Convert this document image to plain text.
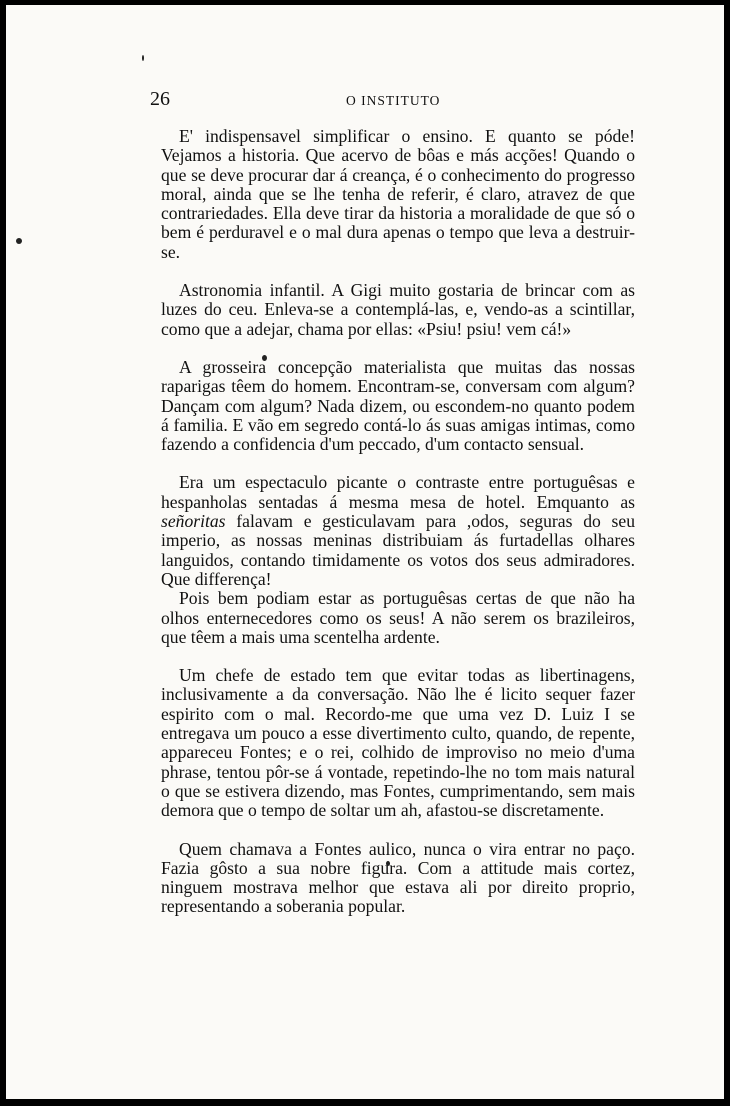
26	O INSTITUTO

E' indispensavel simplificar o ensino. E quanto se póde! Vejamos a historia. Que acervo de bôas e más acções! Quando o que se deve procurar dar á creança, é o conhecimento do progresso moral, ainda que se lhe tenha de referir, é claro, atravez de que contrariedades. Ella deve tirar da historia a moralidade de que só o bem é perduravel e o mal dura apenas o tempo que leva a destruir-se.

Astronomia infantil. A Gigi muito gostaria de brincar com as luzes do ceu. Enleva-se a contemplá-las, e, vendo-as a scintillar, como que a adejar, chama por ellas: «Psiu! psiu! vem cá!»

A grosseira concepção materialista que muitas das nossas raparigas têem do homem. Encontram-se, conversam com algum? Dançam com algum? Nada dizem, ou escondem-no quanto podem á familia. E vão em segredo contá-lo ás suas amigas intimas, como fazendo a confidencia d'um peccado, d'um contacto sensual.

Era um espectaculo picante o contraste entre portuguêsas e hespanholas sentadas á mesma mesa de hotel. Emquanto as señoritas falavam e gesticulavam para ,odos, seguras do seu imperio, as nossas meninas distribuiam ás furtadellas olhares languidos, contando timidamente os votos dos seus admiradores. Que differença!

Pois bem podiam estar as portuguêsas certas de que não ha olhos enternecedores como os seus! A não serem os brazileiros, que têem a mais uma scentelha ardente.

Um chefe de estado tem que evitar todas as libertinagens, inclusivamente a da conversação. Não lhe é licito sequer fazer espirito com o mal. Recordo-me que uma vez D. Luiz I se entregava um pouco a esse divertimento culto, quando, de repente, appareceu Fontes; e o rei, colhido de improviso no meio d'uma phrase, tentou pôr-se á vontade, repetindo-lhe no tom mais natural o que se estivera dizendo, mas Fontes, cumprimentando, sem mais demora que o tempo de soltar um ah, afastou-se discretamente.

Quem chamava a Fontes aulico, nunca o vira entrar no paço. Fazia gôsto a sua nobre figura. Com a attitude mais cortez, ninguem mostrava melhor que estava ali por direito proprio, representando a soberania popular.
